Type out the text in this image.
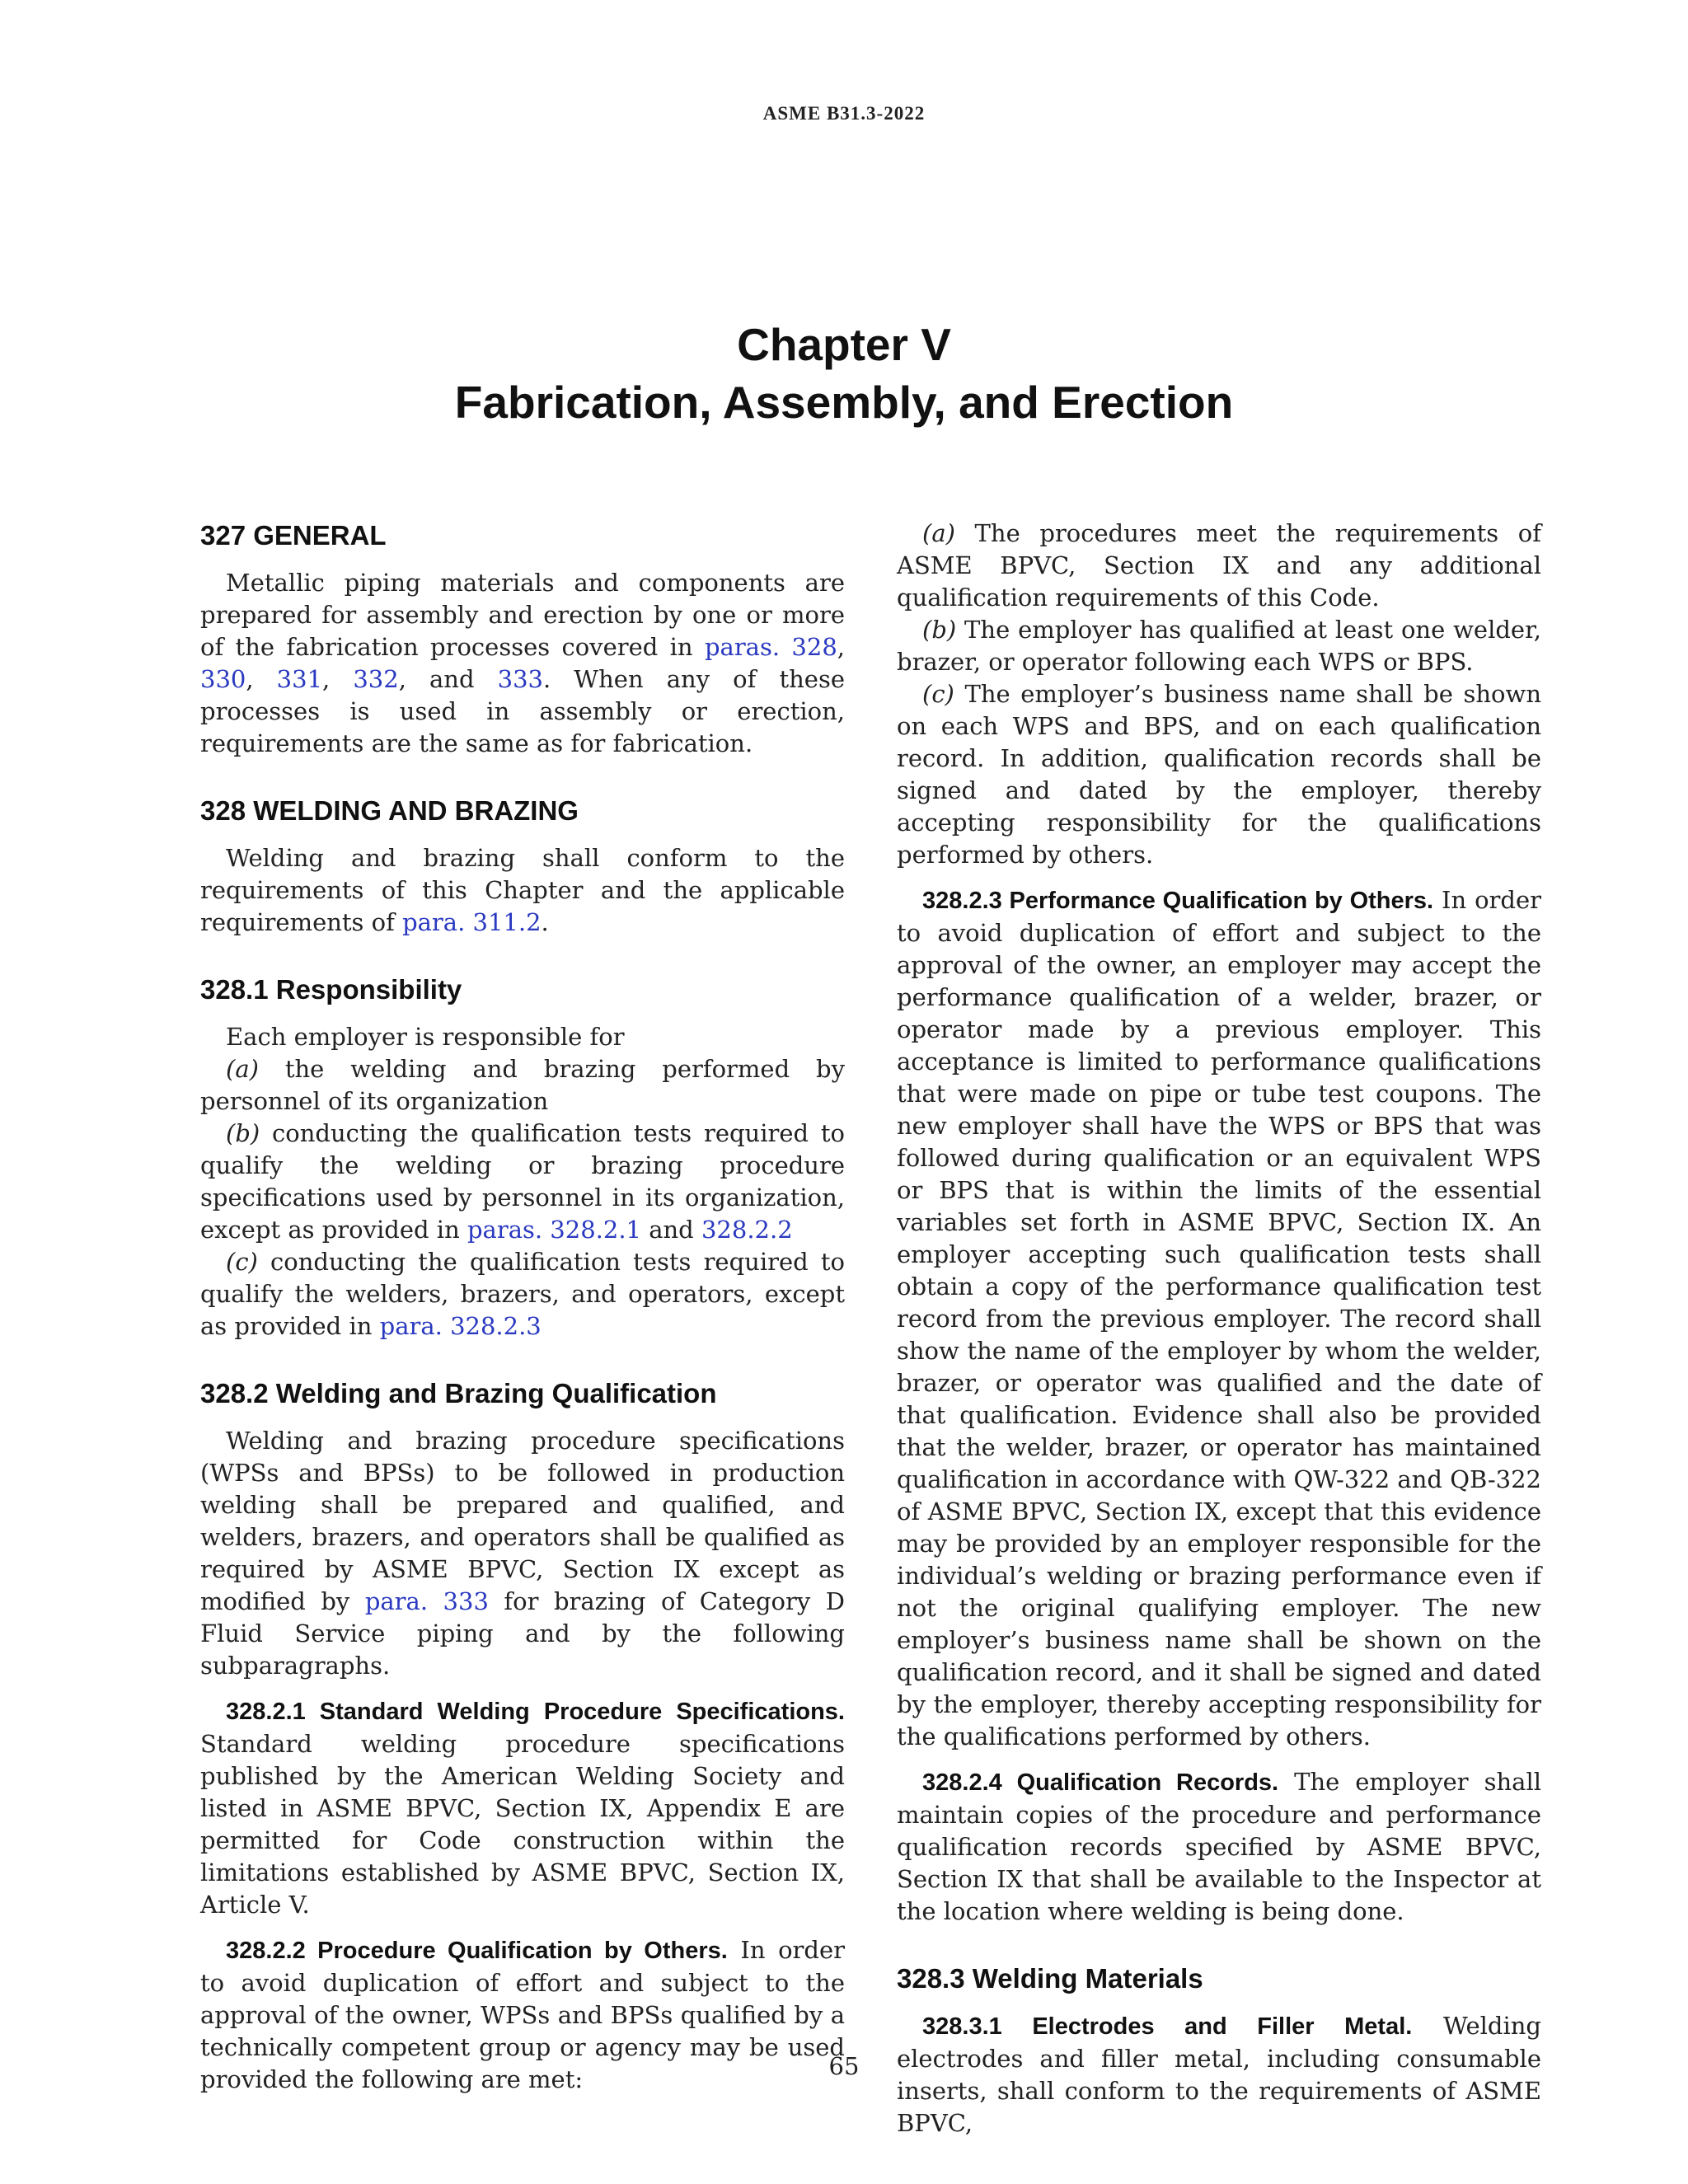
ASME B31.3-2022
Chapter V
Fabrication, Assembly, and Erection
327 GENERAL

Metallic piping materials and components are prepared for assembly and erection by one or more of the fabrication processes covered in paras. 328, 330, 331, 332, and 333. When any of these processes is used in assembly or erection, requirements are the same as for fabrication.

328 WELDING AND BRAZING

Welding and brazing shall conform to the requirements of this Chapter and the applicable requirements of para. 311.2.

328.1 Responsibility

Each employer is responsible for

(a) the welding and brazing performed by personnel of its organization

(b) conducting the qualification tests required to qualify the welding or brazing procedure specifications used by personnel in its organization, except as provided in paras. 328.2.1 and 328.2.2

(c) conducting the qualification tests required to qualify the welders, brazers, and operators, except as provided in para. 328.2.3

328.2 Welding and Brazing Qualification

Welding and brazing procedure specifications (WPSs and BPSs) to be followed in production welding shall be prepared and qualified, and welders, brazers, and operators shall be qualified as required by ASME BPVC, Section IX except as modified by para. 333 for brazing of Category D Fluid Service piping and by the following subparagraphs.

328.2.1 Standard Welding Procedure Specifications. Standard welding procedure specifications published by the American Welding Society and listed in ASME BPVC, Section IX, Appendix E are permitted for Code construction within the limitations established by ASME BPVC, Section IX, Article V.

328.2.2 Procedure Qualification by Others. In order to avoid duplication of effort and subject to the approval of the owner, WPSs and BPSs qualified by a technically competent group or agency may be used provided the following are met:

(a) The procedures meet the requirements of ASME BPVC, Section IX and any additional qualification requirements of this Code.

(b) The employer has qualified at least one welder, brazer, or operator following each WPS or BPS.

(c) The employer’s business name shall be shown on each WPS and BPS, and on each qualification record. In addition, qualification records shall be signed and dated by the employer, thereby accepting responsibility for the qualifications performed by others.

328.2.3 Performance Qualification by Others. In order to avoid duplication of effort and subject to the approval of the owner, an employer may accept the performance qualification of a welder, brazer, or operator made by a previous employer. This acceptance is limited to performance qualifications that were made on pipe or tube test coupons. The new employer shall have the WPS or BPS that was followed during qualification or an equivalent WPS or BPS that is within the limits of the essential variables set forth in ASME BPVC, Section IX. An employer accepting such qualification tests shall obtain a copy of the performance qualification test record from the previous employer. The record shall show the name of the employer by whom the welder, brazer, or operator was qualified and the date of that qualification. Evidence shall also be provided that the welder, brazer, or operator has maintained qualification in accordance with QW-322 and QB-322 of ASME BPVC, Section IX, except that this evidence may be provided by an employer responsible for the individual’s welding or brazing performance even if not the original qualifying employer. The new employer’s business name shall be shown on the qualification record, and it shall be signed and dated by the employer, thereby accepting responsibility for the qualifications performed by others.

328.2.4 Qualification Records. The employer shall maintain copies of the procedure and performance qualification records specified by ASME BPVC, Section IX that shall be available to the Inspector at the location where welding is being done.

328.3 Welding Materials

328.3.1 Electrodes and Filler Metal. Welding electrodes and filler metal, including consumable inserts, shall conform to the requirements of ASME BPVC,

65
